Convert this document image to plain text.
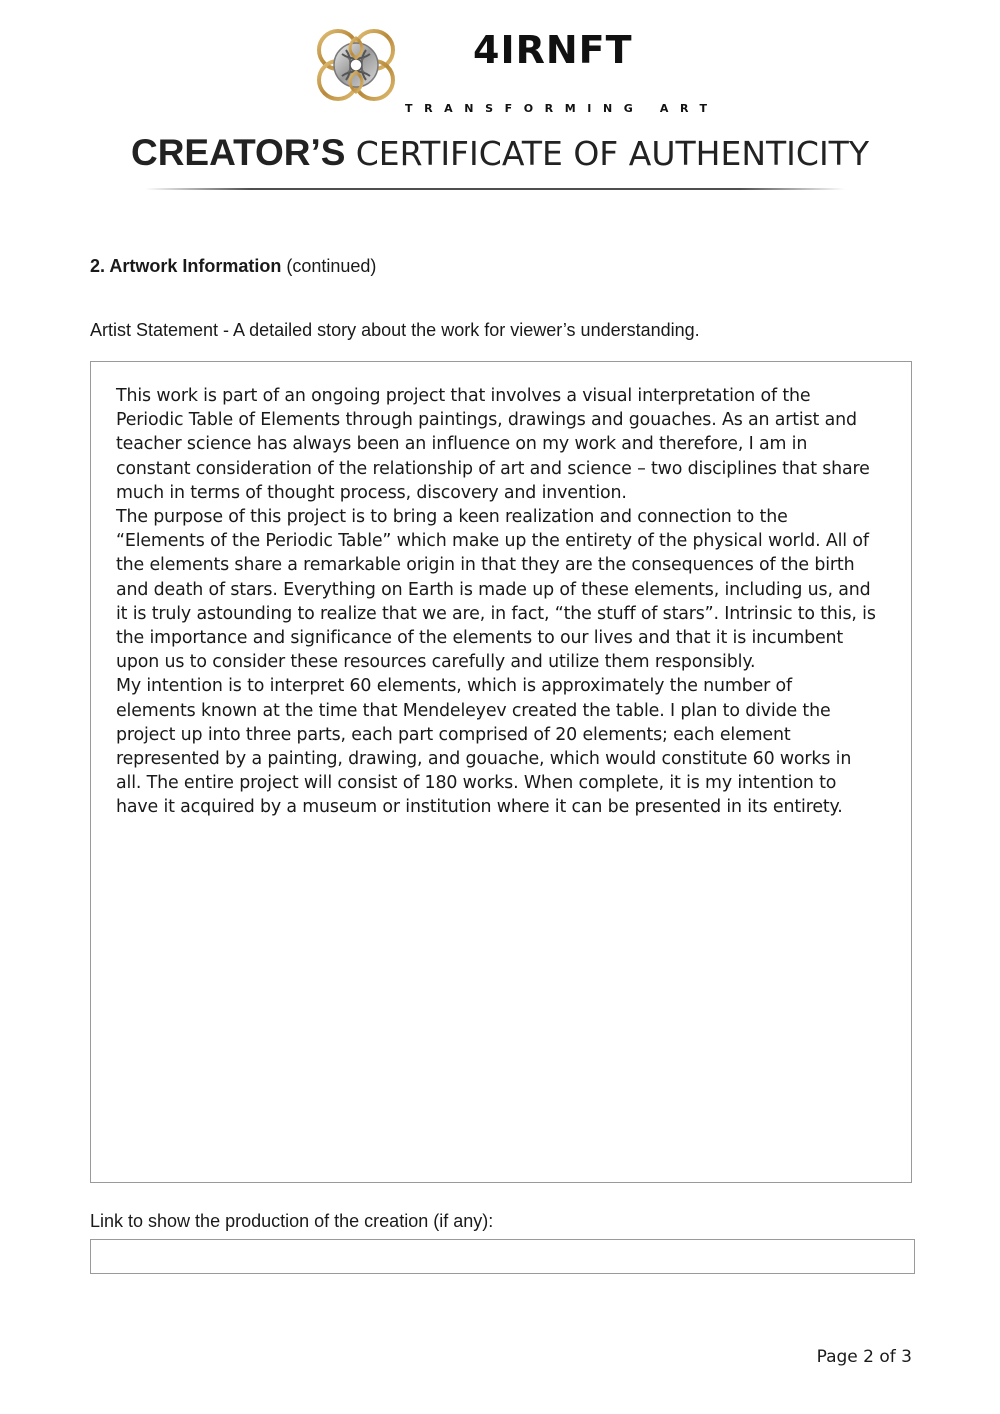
4IRNFT
TRANSFORMING ART
CREATOR’S CERTIFICATE OF AUTHENTICITY
2. Artwork Information (continued)
Artist Statement - A detailed story about the work for viewer’s understanding.

This work is part of an ongoing project that involves a visual interpretation of the Periodic Table of Elements through paintings, drawings and gouaches. As an artist and teacher science has always been an influence on my work and therefore, I am in constant consideration of the relationship of art and science – two disciplines that share much in terms of thought process, discovery and invention.

The purpose of this project is to bring a keen realization and connection to the “Elements of the Periodic Table” which make up the entirety of the physical world. All of the elements share a remarkable origin in that they are the consequences of the birth and death of stars. Everything on Earth is made up of these elements, including us, and it is truly astounding to realize that we are, in fact, “the stuff of stars”. Intrinsic to this, is the importance and significance of the elements to our lives and that it is incumbent upon us to consider these resources carefully and utilize them responsibly.

My intention is to interpret 60 elements, which is approximately the number of elements known at the time that Mendeleyev created the table. I plan to divide the project up into three parts, each part comprised of 20 elements; each element represented by a painting, drawing, and gouache, which would constitute 60 works in all. The entire project will consist of 180 works. When complete, it is my intention to have it acquired by a museum or institution where it can be presented in its entirety.

Link to show the production of the creation (if any):
Page 2 of 3
